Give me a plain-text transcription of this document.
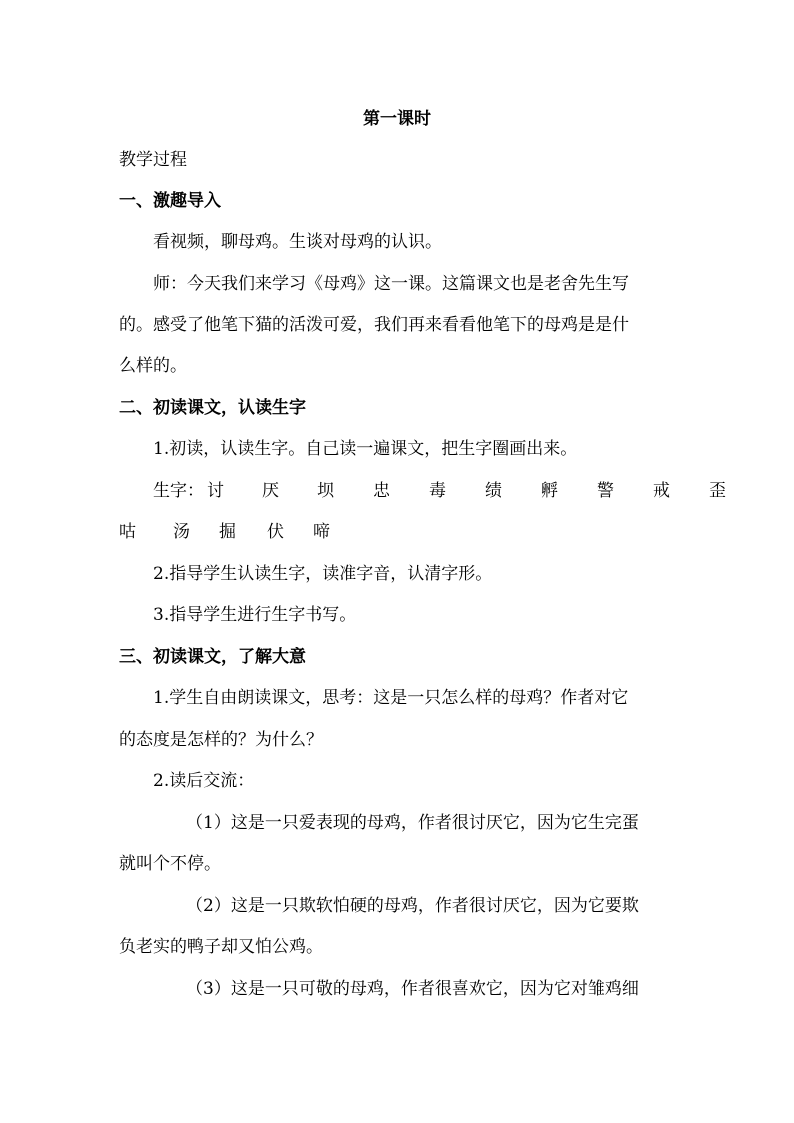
第一课时
教学过程
一、激趣导入
看视频，聊母鸡。生谈对母鸡的认识。
师：今天我们来学习《母鸡》这一课。这篇课文也是老舍先生写
的。感受了他笔下猫的活泼可爱，我们再来看看他笔下的母鸡是是什
么样的。
二、初读课文，认读生字
1.初读，认读生字。自己读一遍课文，把生字圈画出来。
生字： 讨	厌	坝	忠	毒	绩	孵	警	戒	歪
咕	汤	掘	伏	啼
2.指导学生认读生字，读准字音，认清字形。
3.指导学生进行生字书写。
三、初读课文，了解大意
1.学生自由朗读课文，思考：这是一只怎么样的母鸡？作者对它
的态度是怎样的？为什么？
2.读后交流：
（1）这是一只爱表现的母鸡，作者很讨厌它，因为它生完蛋
就叫个不停。
（2）这是一只欺软怕硬的母鸡，作者很讨厌它，因为它要欺
负老实的鸭子却又怕公鸡。
（3）这是一只可敬的母鸡，作者很喜欢它，因为它对雏鸡细
